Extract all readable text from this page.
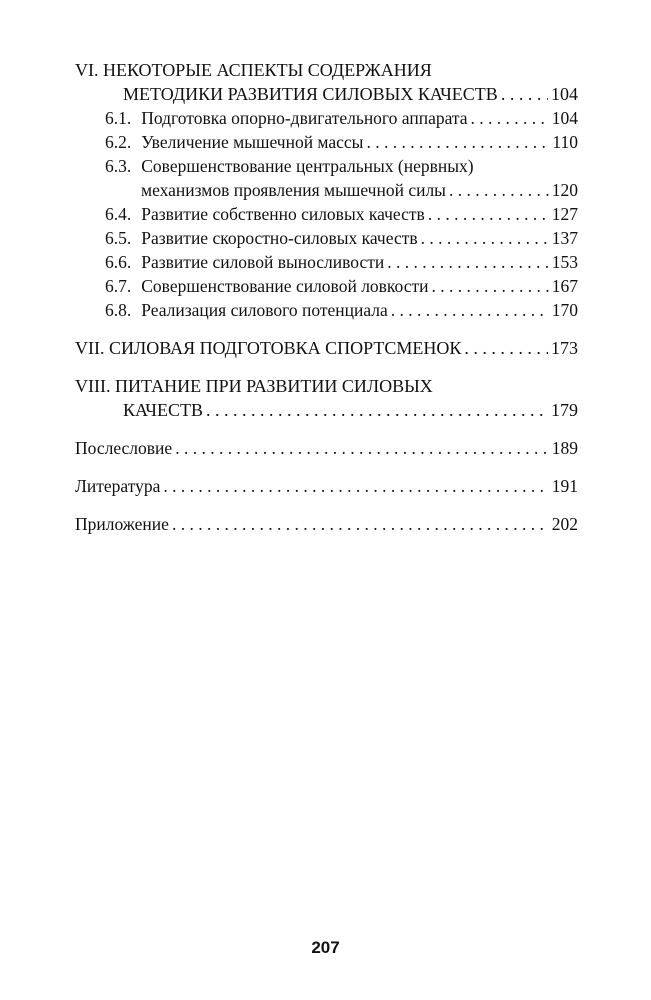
VI. НЕКОТОРЫЕ АСПЕКТЫ СОДЕРЖАНИЯ
МЕТОДИКИ РАЗВИТИЯ СИЛОВЫХ КАЧЕСТВ . . .	104
6.1. Подготовка опорно-двигательного аппарата . . .	104
6.2. Увеличение мышечной массы . . .	110
6.3. Совершенствование центральных (нервных)
механизмов проявления мышечной силы . . .	120
6.4. Развитие собственно силовых качеств . . .	127
6.5. Развитие скоростно-силовых качеств . . .	137
6.6. Развитие силовой выносливости . . .	153
6.7. Совершенствование силовой ловкости . . .	167
6.8. Реализация силового потенциала . . .	170
VII. СИЛОВАЯ ПОДГОТОВКА СПОРТСМЕНОК . . .	173
VIII. ПИТАНИЕ ПРИ РАЗВИТИИ СИЛОВЫХ
КАЧЕСТВ . . .	179
Послесловие . . .	189
Литература . . .	191
Приложение . . .	202
207
